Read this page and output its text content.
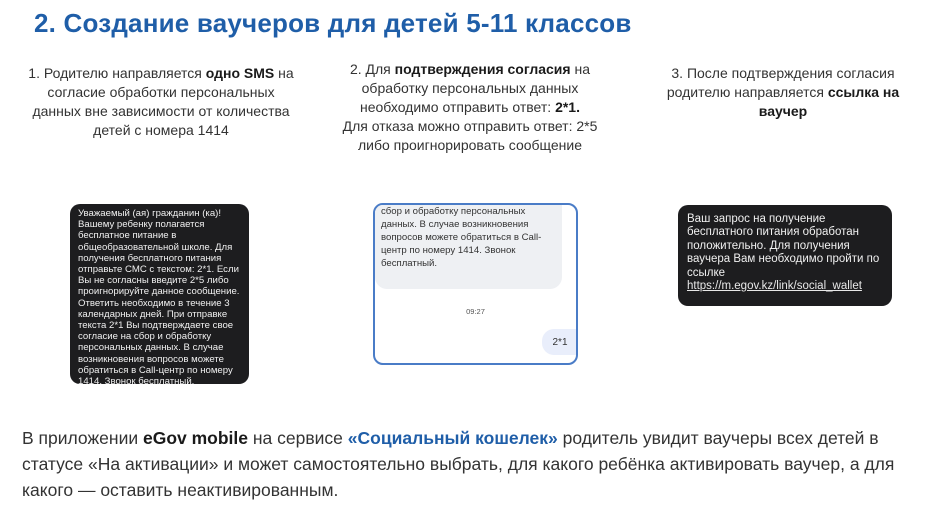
2. Создание ваучеров для детей 5-11 классов
1. Родителю направляется одно SMS на согласие обработки персональных данных вне зависимости от количества детей с номера 1414
2. Для подтверждения согласия на обработку персональных данных необходимо отправить ответ: 2*1.
Для отказа можно отправить ответ: 2*5 либо проигнорировать сообщение
3. После подтверждения согласия родителю направляется ссылка на ваучер
Уважаемый (ая) гражданин (ка)! Вашему ребенку полагается бесплатное питание в общеобразовательной школе. Для получения бесплатного питания отправьте СМС с текстом: 2*1. Если Вы не согласны введите 2*5 либо проигнорируйте данное сообщение. Ответить необходимо в течение 3 календарных дней. При отправке текста 2*1 Вы подтверждаете свое согласие на сбор и обработку персональных данных. В случае возникновения вопросов можете обратиться в Call-центр по номеру 1414. Звонок бесплатный.
сбор и обработку персональных данных. В случае возникновения вопросов можете обратиться в Call-центр по номеру 1414. Звонок бесплатный.
09:27
2*1
Ваш запрос на получение бесплатного питания обработан положительно. Для получения ваучера Вам необходимо пройти по ссылке https://m.egov.kz/link/social_wallet
В приложении eGov mobile на сервисе «Социальный кошелек» родитель увидит ваучеры всех детей в статусе «На активации» и может самостоятельно выбрать, для какого ребёнка активировать ваучер, а для какого — оставить неактивированным.
